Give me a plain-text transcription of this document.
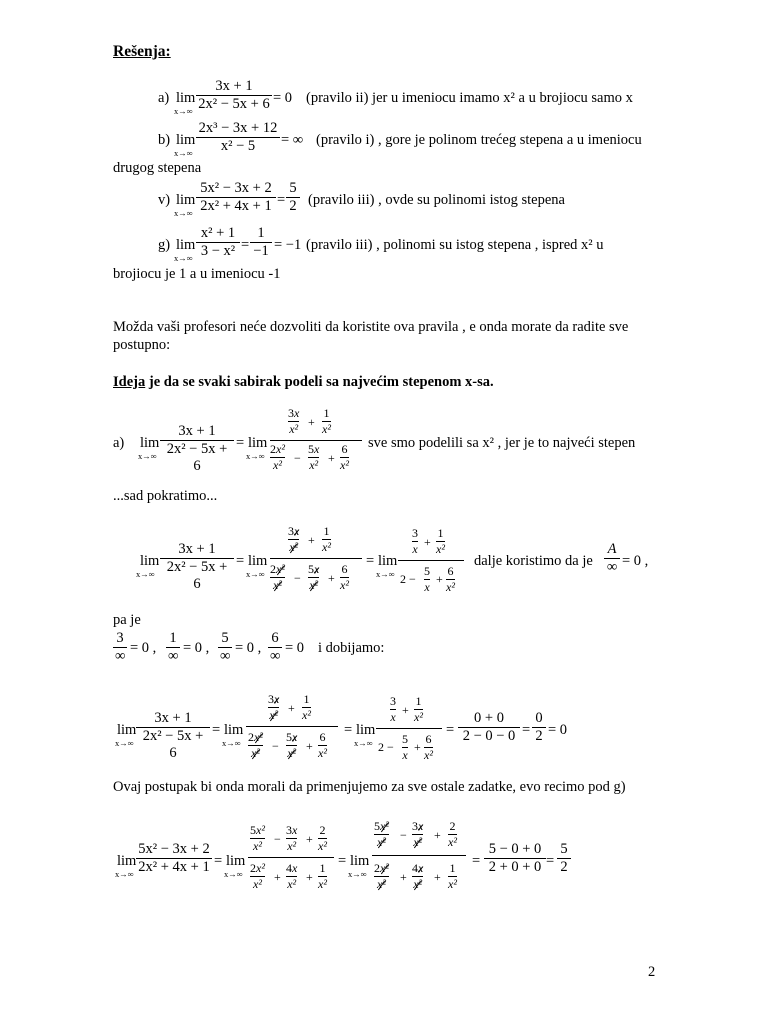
Rešenja:
a) lim
$x\to\infty \frac{3x + 1}{\text{2x² − 5x + 6}} = 0$ (pravilo ii) jer u imeniocu imamo x² a u brojiocu samo x
b) lim
$x\to\infty \frac{\text{2x³ − 3x + 12}}{\text{x² − 5}}$ = ∞ (pravilo i) , gore je polinom trećeg stepena a u imeniocu
drugog stepena
v) lim
$x\to\infty \frac{\text{5x² − 3x + 2}}{\text{2x² + 4x + 1}} = \frac{5}{2}$ (pravilo iii) , ovde su polinomi istog stepena
g) lim
$x\to\infty \frac{\text{x² + 1}}{\text{3 − x²}} = \frac{1}{-1} = -1$ (pravilo iii) , polinomi su istog stepena , ispred x² u
brojiocu je 1 a u imeniocu -1
Možda vaši profesori neće dozvoliti da koristite ova pravila , e onda morate da radite sve
postupno:
Ideja je da se svaki sabirak podeli sa najvećim stepenom x-sa.
a) lim
$x\to\infty \frac{3x + 1}{\text{2x² − 5x + 6}} = \lim$
x→∞
3x
x² +
1
x²
2x²
x² −
5x
x² +
6
x²
sve smo podelili sa x² , jer je to najveći stepen
...sad pokratimo...
lim
$x\to\infty \frac{3x + 1}{\text{2x² − 5x + 6}} = \lim$
x→∞
3x
x² +
1
x²
2x²
x² −
5x
x² +
6
x²
= lim
x→∞
3
x +
1
x²
2 −
5
x
+
6
x²
dalje koristimo da je
A
∞ = 0 ,
pa je
3
∞ = 0 ,
1
∞ = 0 ,
5
∞ = 0 ,
6
∞ = 0 i dobijamo:
lim
$x\to\infty \frac{3x + 1}{\text{2x² − 5x + 6}} = \lim$
x→∞
3x
x² +
1
x²
2x²
x² −
5x
x² +
6
x²
= lim
x→∞
3
x +
1
x²
2 −
5
x
+
6
x²
= $\frac{0 + 0}{2 - 0 - 0} = \frac{0}{2} = 0$
Ovaj postupak bi onda morali da primenjujemo za sve ostale zadatke, evo recimo pod g)
lim
$x\to\infty \frac{\text{5x² − 3x + 2}}{\text{2x² + 4x + 1}} = \lim$
x→∞
5x²
x² −
3x
x² +
2
x²
2x²
x² +
4x
x² +
1
x²
= lim
x→∞
5x²
x² −
3x
x² +
2
x²
2x²
x² +
4x
x² +
1
x²
= $\frac{5 - 0 + 0}{2 + 0 + 0} = \frac{5}{2}$
2
